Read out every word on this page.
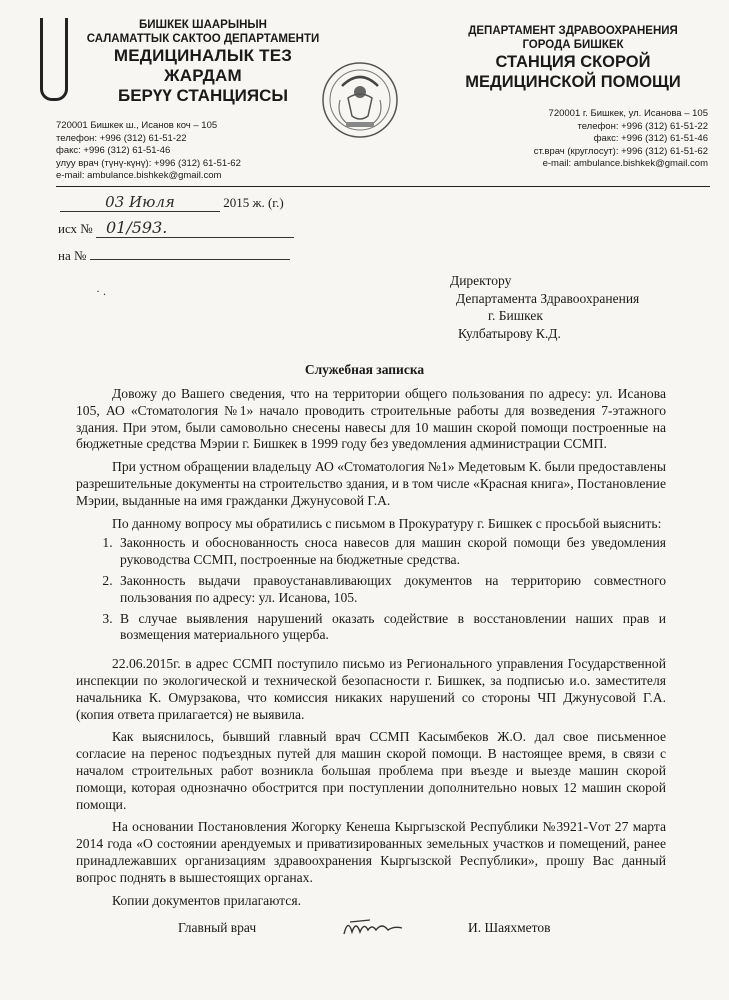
БИШКЕК ШААРЫНЫН
САЛАМАТТЫК САКТОО ДЕПАРТАМЕНТИ
МЕДИЦИНАЛЫК ТЕЗ ЖАРДАМ
БЕРҮҮ СТАНЦИЯСЫ
ДЕПАРТАМЕНТ ЗДРАВООХРАНЕНИЯ
ГОРОДА БИШКЕК
СТАНЦИЯ СКОРОЙ
МЕДИЦИНСКОЙ ПОМОЩИ
720001 Бишкек ш., Исанов коч – 105
телефон: +996 (312) 61-51-22
факс: +996 (312) 61-51-46
улуу врач (түнү-күнү): +996 (312) 61-51-62
e-mail: ambulance.bishkek@gmail.com
720001 г. Бишкек, ул. Исанова – 105
телефон: +996 (312) 61-51-22
факс: +996 (312) 61-51-46
ст.врач (круглосут): +996 (312) 61-51-62
e-mail: ambulance.bishkek@gmail.com
03 Июля	2015 ж. (г.)
исх № 01/593.
на №
· .
Директору
Департамента Здравоохранения
г. Бишкек
Кулбатырову К.Д.
Служебная записка

Довожу до Вашего сведения, что на территории общего пользования по адресу: ул. Исанова 105, АО «Стоматология №1» начало проводить строительные работы для возведения 7-этажного здания. При этом, были самовольно снесены навесы для 10 машин скорой помощи построенные на бюджетные средства Мэрии г. Бишкек в 1999 году без уведомления администрации ССМП.

При устном обращении владельцу АО «Стоматология №1» Медетовым К. были предоставлены разрешительные документы на строительство здания, и в том числе «Красная книга», Постановление Мэрии, выданные на имя гражданки Джунусовой Г.А.

По данному вопросу мы обратились с письмом в Прокуратуру г. Бишкек с просьбой выяснить:

1. Законность и обоснованность сноса навесов для машин скорой помощи без уведомления руководства ССМП, построенные на бюджетные средства.
2. Законность выдачи правоустанавливающих документов на территорию совместного пользования по адресу: ул. Исанова, 105.
3. В случае выявления нарушений оказать содействие в восстановлении наших прав и возмещения материального ущерба.

22.06.2015г. в адрес ССМП поступило письмо из Регионального управления Государственной инспекции по экологической и технической безопасности г. Бишкек, за подписью и.о. заместителя начальника К. Омурзакова, что комиссия никаких нарушений со стороны ЧП Джунусовой Г.А. (копия ответа прилагается) не выявила.

Как выяснилось, бывший главный врач ССМП Касымбеков Ж.О. дал свое письменное согласие на перенос подъездных путей для машин скорой помощи. В настоящее время, в связи с началом строительных работ возникла большая проблема при въезде и выезде машин скорой помощи, которая однозначно обострится при поступлении дополнительно новых 12 машин скорой помощи.

На основании Постановления Жогорку Кенеша Кыргызской Республики №3921-Vот 27 марта 2014 года «О состоянии арендуемых и приватизированных земельных участков и помещений, ранее принадлежавших организациям здравоохранения Кыргызской Республики», прошу Вас данный вопрос поднять в вышестоящих органах.

Копии документов прилагаются.

Главный врач	И. Шаяхметов
